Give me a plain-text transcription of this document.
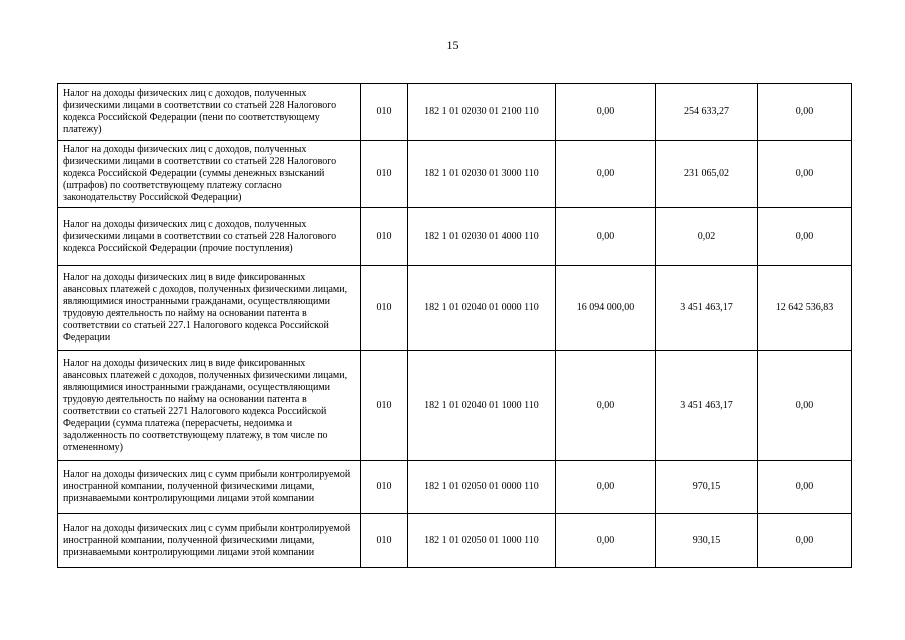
15
Налог на доходы физических лиц с доходов, полученных физическими лицами в соответствии со статьей 228 Налогового кодекса Российской Федерации (пени по соответствующему платежу)	010	182 1 01 02030 01 2100 110	0,00	254 633,27	0,00
Налог на доходы физических лиц с доходов, полученных физическими лицами в соответствии со статьей 228 Налогового кодекса Российской Федерации (суммы денежных взысканий (штрафов) по соответствующему платежу согласно законодательству Российской Федерации)	010	182 1 01 02030 01 3000 110	0,00	231 065,02	0,00
Налог на доходы физических лиц с доходов, полученных физическими лицами в соответствии со статьей 228 Налогового кодекса Российской Федерации (прочие поступления)	010	182 1 01 02030 01 4000 110	0,00	0,02	0,00
Налог на доходы физических лиц в виде фиксированных авансовых платежей с доходов, полученных физическими лицами, являющимися иностранными гражданами, осуществляющими трудовую деятельность по найму на основании патента в соответствии со статьей 227.1 Налогового кодекса Российской Федерации	010	182 1 01 02040 01 0000 110	16 094 000,00	3 451 463,17	12 642 536,83
Налог на доходы физических лиц в виде фиксированных авансовых платежей с доходов, полученных физическими лицами, являющимися иностранными гражданами, осуществляющими трудовую деятельность по найму на основании патента в соответствии со статьей 2271 Налогового кодекса Российской Федерации (сумма платежа (перерасчеты, недоимка и задолженность по соответствующему платежу, в том числе по отмененному)	010	182 1 01 02040 01 1000 110	0,00	3 451 463,17	0,00
Налог на доходы физических лиц с сумм прибыли контролируемой иностранной компании, полученной физическими лицами, признаваемыми контролирующими лицами этой компании	010	182 1 01 02050 01 0000 110	0,00	970,15	0,00
Налог на доходы физических лиц с сумм прибыли контролируемой иностранной компании, полученной физическими лицами, признаваемыми контролирующими лицами этой компании	010	182 1 01 02050 01 1000 110	0,00	930,15	0,00
